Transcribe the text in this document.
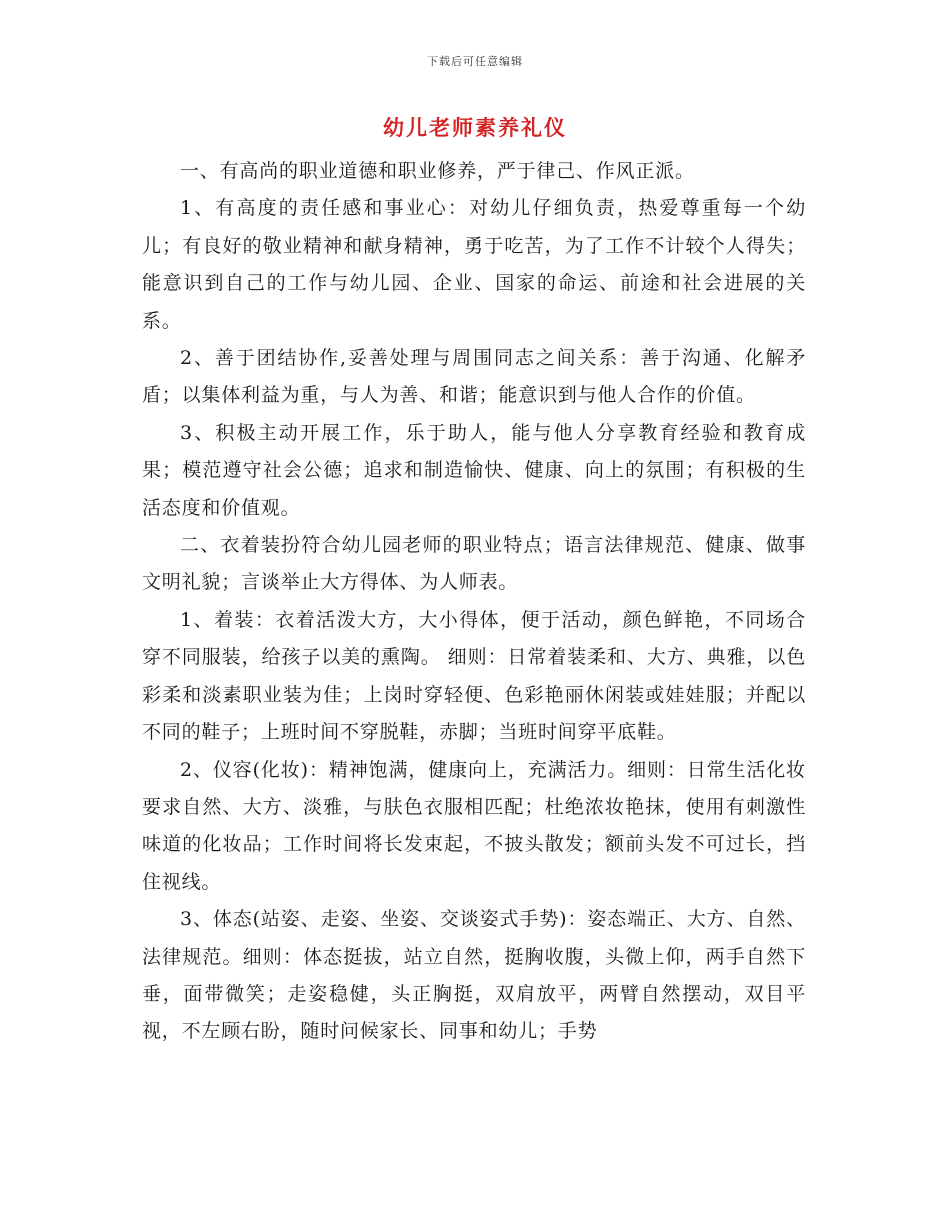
下载后可任意编辑
幼儿老师素养礼仪

一、有高尚的职业道德和职业修养，严于律己、作风正派。

1、有高度的责任感和事业心：对幼儿仔细负责，热爱尊重每一个幼儿；有良好的敬业精神和献身精神，勇于吃苦，为了工作不计较个人得失；能意识到自己的工作与幼儿园、企业、国家的命运、前途和社会进展的关系。

2、善于团结协作,妥善处理与周围同志之间关系：善于沟通、化解矛盾；以集体利益为重，与人为善、和谐；能意识到与他人合作的价值。

3、积极主动开展工作，乐于助人，能与他人分享教育经验和教育成果；模范遵守社会公德；追求和制造愉快、健康、向上的氛围；有积极的生活态度和价值观。

二、衣着装扮符合幼儿园老师的职业特点；语言法律规范、健康、做事文明礼貌；言谈举止大方得体、为人师表。

1、着装：衣着活泼大方，大小得体，便于活动，颜色鲜艳，不同场合穿不同服装，给孩子以美的熏陶。 细则：日常着装柔和、大方、典雅，以色彩柔和淡素职业装为佳；上岗时穿轻便、色彩艳丽休闲装或娃娃服；并配以不同的鞋子；上班时间不穿脱鞋，赤脚；当班时间穿平底鞋。

2、仪容(化妆)：精神饱满，健康向上，充满活力。细则：日常生活化妆要求自然、大方、淡雅，与肤色衣服相匹配；杜绝浓妆艳抹，使用有刺激性味道的化妆品；工作时间将长发束起，不披头散发；额前头发不可过长，挡住视线。

3、体态(站姿、走姿、坐姿、交谈姿式手势)：姿态端正、大方、自然、法律规范。细则：体态挺拔，站立自然，挺胸收腹，头微上仰，两手自然下垂，面带微笑；走姿稳健，头正胸挺，双肩放平，两臂自然摆动，双目平视，不左顾右盼，随时问候家长、同事和幼儿；手势
